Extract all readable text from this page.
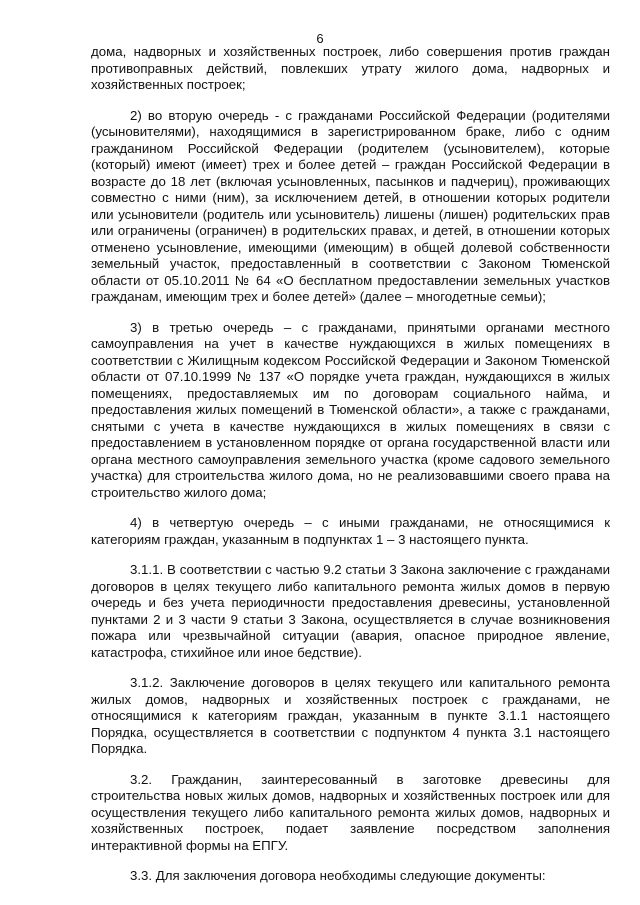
6

дома, надворных и хозяйственных построек, либо совершения против граждан противоправных действий, повлекших утрату жилого дома, надворных и хозяйственных построек;

2) во вторую очередь - с гражданами Российской Федерации (родителями (усыновителями), находящимися в зарегистрированном браке, либо с одним гражданином Российской Федерации (родителем (усыновителем), которые (который) имеют (имеет) трех и более детей – граждан Российской Федерации в возрасте до 18 лет (включая усыновленных, пасынков и падчериц), проживающих совместно с ними (ним), за исключением детей, в отношении которых родители или усыновители (родитель или усыновитель) лишены (лишен) родительских прав или ограничены (ограничен) в родительских правах, и детей, в отношении которых отменено усыновление, имеющими (имеющим) в общей долевой собственности земельный участок, предоставленный в соответствии с Законом Тюменской области от 05.10.2011 № 64 «О бесплатном предоставлении земельных участков гражданам, имеющим трех и более детей» (далее – многодетные семьи);

3) в третью очередь – с гражданами, принятыми органами местного самоуправления на учет в качестве нуждающихся в жилых помещениях в соответствии с Жилищным кодексом Российской Федерации и Законом Тюменской области от 07.10.1999 № 137 «О порядке учета граждан, нуждающихся в жилых помещениях, предоставляемых им по договорам социального найма, и предоставления жилых помещений в Тюменской области», а также с гражданами, снятыми с учета в качестве нуждающихся в жилых помещениях в связи с предоставлением в установленном порядке от органа государственной власти или органа местного самоуправления земельного участка (кроме садового земельного участка) для строительства жилого дома, но не реализовавшими своего права на строительство жилого дома;

4) в четвертую очередь – с иными гражданами, не относящимися к категориям граждан, указанным в подпунктах 1 – 3 настоящего пункта.

3.1.1. В соответствии с частью 9.2 статьи 3 Закона заключение с гражданами договоров в целях текущего либо капитального ремонта жилых домов в первую очередь и без учета периодичности предоставления древесины, установленной пунктами 2 и 3 части 9 статьи 3 Закона, осуществляется в случае возникновения пожара или чрезвычайной ситуации (авария, опасное природное явление, катастрофа, стихийное или иное бедствие).

3.1.2. Заключение договоров в целях текущего или капитального ремонта жилых домов, надворных и хозяйственных построек с гражданами, не относящимися к категориям граждан, указанным в пункте 3.1.1 настоящего Порядка, осуществляется в соответствии с подпунктом 4 пункта 3.1 настоящего Порядка.

3.2. Гражданин, заинтересованный в заготовке древесины для строительства новых жилых домов, надворных и хозяйственных построек или для осуществления текущего либо капитального ремонта жилых домов, надворных и хозяйственных построек, подает заявление посредством заполнения интерактивной формы на ЕПГУ.

3.3. Для заключения договора необходимы следующие документы:
